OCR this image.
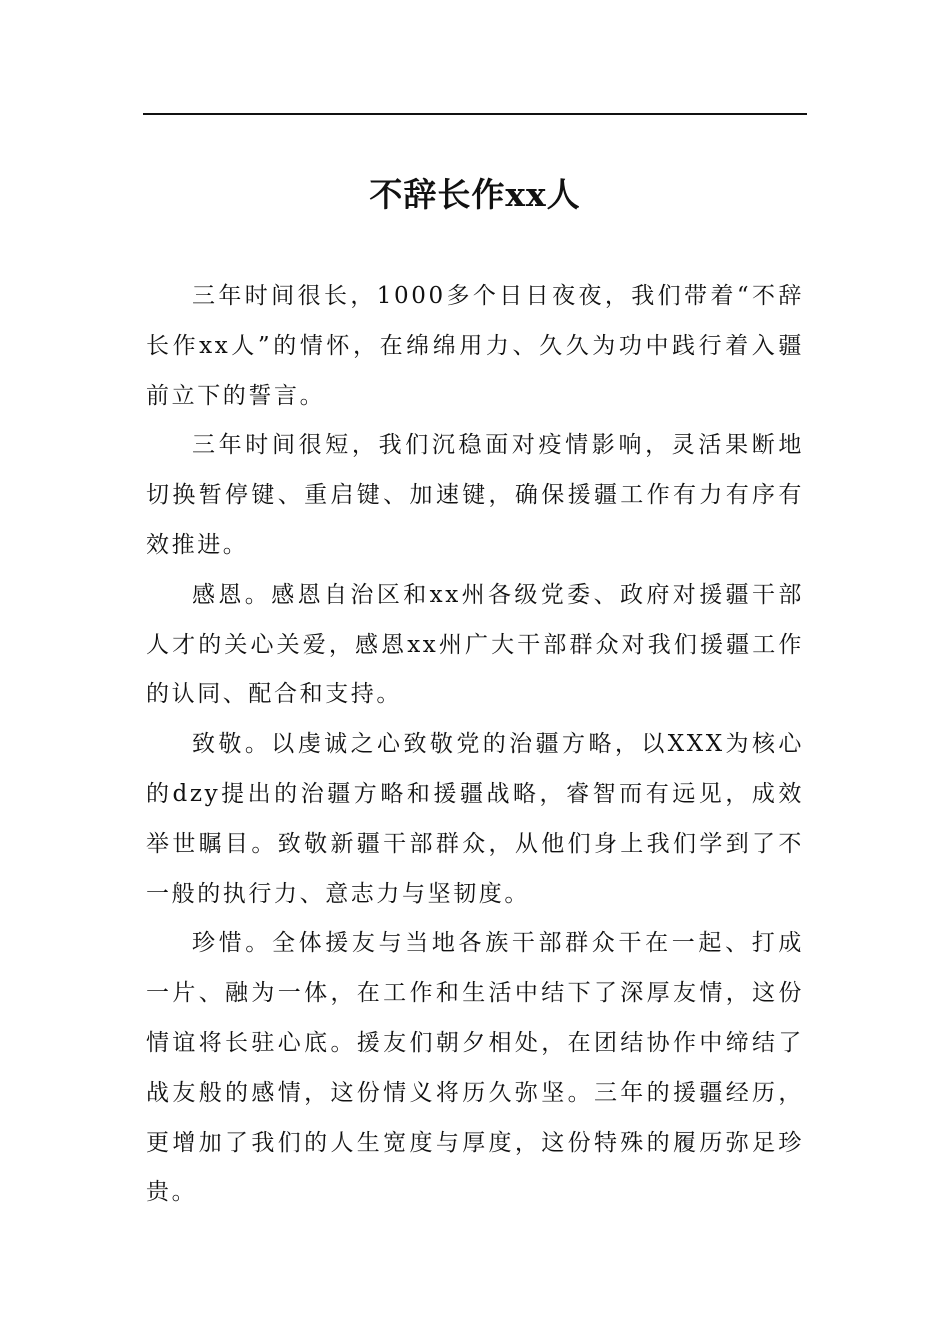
不辞长作xx人

三年时间很长，1000多个日日夜夜，我们带着“不辞长作xx人”的情怀，在绵绵用力、久久为功中践行着入疆前立下的誓言。

三年时间很短，我们沉稳面对疫情影响，灵活果断地切换暂停键、重启键、加速键，确保援疆工作有力有序有效推进。

感恩。感恩自治区和xx州各级党委、政府对援疆干部人才的关心关爱，感恩xx州广大干部群众对我们援疆工作的认同、配合和支持。

致敬。以虔诚之心致敬党的治疆方略，以XXX为核心的dzy提出的治疆方略和援疆战略，睿智而有远见，成效举世瞩目。致敬新疆干部群众，从他们身上我们学到了不一般的执行力、意志力与坚韧度。

珍惜。全体援友与当地各族干部群众干在一起、打成一片、融为一体，在工作和生活中结下了深厚友情，这份情谊将长驻心底。援友们朝夕相处，在团结协作中缔结了战友般的感情，这份情义将历久弥坚。三年的援疆经历，更增加了我们的人生宽度与厚度，这份特殊的履历弥足珍贵。
